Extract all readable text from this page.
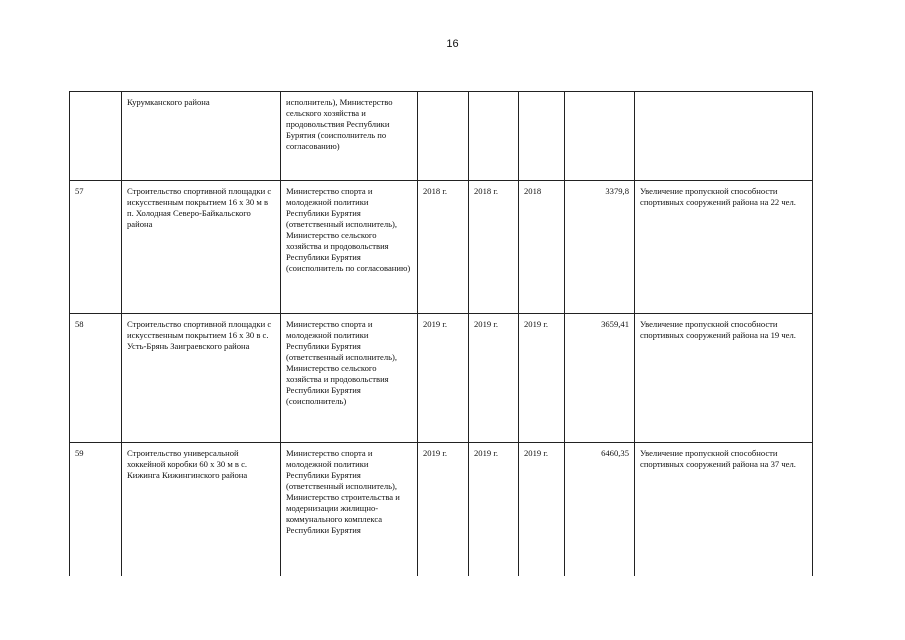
16
	Курумканского района	исполнитель), Министерство сельского хозяйства и продовольствия Республики Бурятия (соисполнитель по согласованию)					
57	Строительство спортивной площадки с искусственным покрытием 16 х 30 м в п. Холодная Северо-Байкальского района	Министерство спорта и молодежной политики Республики Бурятия (ответственный исполнитель), Министерство сельского хозяйства и продовольствия Республики Бурятия (соисполнитель по согласованию)	2018 г.	2018 г.	2018	3379,8	Увеличение пропускной способности спортивных сооружений района на 22 чел.
58	Строительство спортивной площадки с искусственным покрытием 16 х 30 в с. Усть-Брянь Заиграевского района	Министерство спорта и молодежной политики Республики Бурятия (ответственный исполнитель), Министерство сельского хозяйства и продовольствия Республики Бурятия (соисполнитель)	2019 г.	2019 г.	2019 г.	3659,41	Увеличение пропускной способности спортивных сооружений района на 19 чел.
59	Строительство универсальной хоккейной коробки 60 х 30 м в с. Кижинга Кижингинского района	Министерство спорта и молодежной политики Республики Бурятия (ответственный исполнитель), Министерство строительства и модернизации жилищно-коммунального комплекса Республики Бурятия	2019 г.	2019 г.	2019 г.	6460,35	Увеличение пропускной способности спортивных сооружений района на 37 чел.
